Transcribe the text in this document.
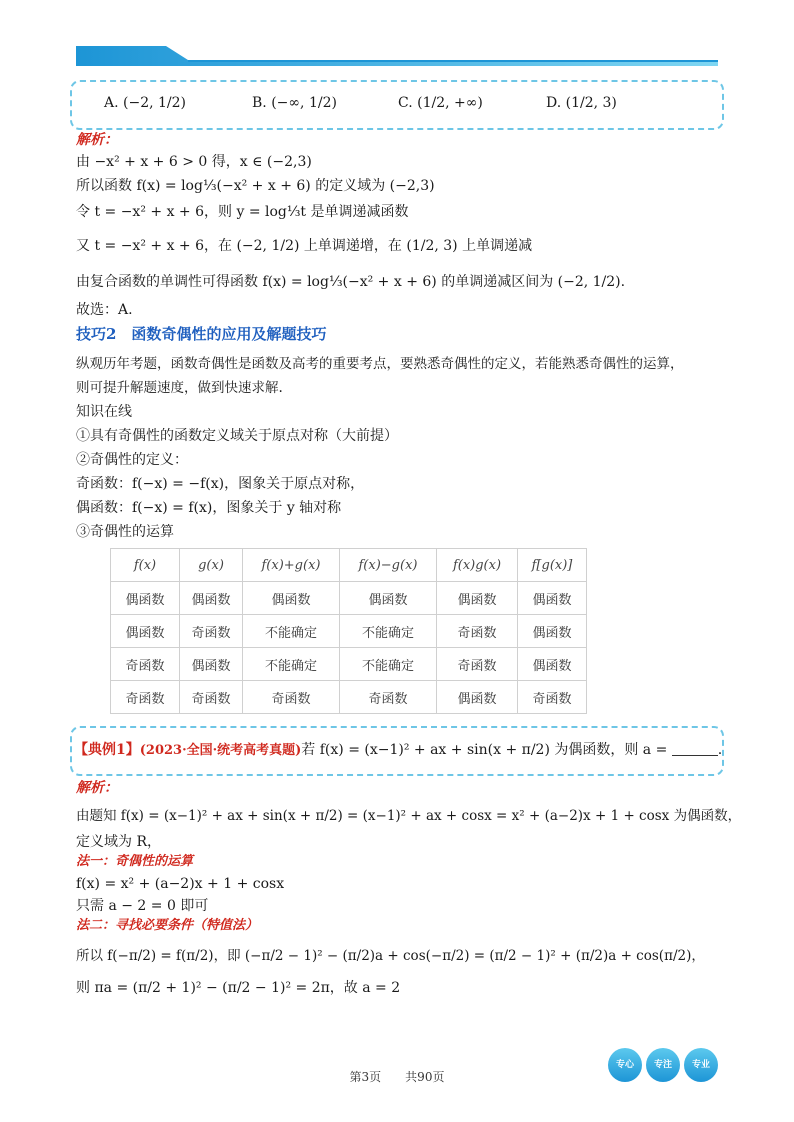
A. (−2, 1/2)	B. (−∞, 1/2)	C. (1/2, +∞)	D. (1/2, 3)
解析：
由 −x² + x + 6 > 0 得，x ∈ (−2,3)
所以函数 f(x) = log⅓(−x² + x + 6) 的定义域为 (−2,3)
令 t = −x² + x + 6，则 y = log⅓t 是单调递减函数
又 t = −x² + x + 6，在 (−2, 1/2) 上单调递增，在 (1/2, 3) 上单调递减
由复合函数的单调性可得函数 f(x) = log⅓(−x² + x + 6) 的单调递减区间为 (−2, 1/2).
故选：A.
技巧2　函数奇偶性的应用及解题技巧
纵观历年考题，函数奇偶性是函数及高考的重要考点，要熟悉奇偶性的定义，若能熟悉奇偶性的运算，
则可提升解题速度，做到快速求解.
知识在线
①具有奇偶性的函数定义域关于原点对称（大前提）
②奇偶性的定义：
奇函数：f(−x) = −f(x)，图象关于原点对称，
偶函数：f(−x) = f(x)，图象关于 y 轴对称
③奇偶性的运算
f(x)	g(x)	f(x)+g(x)	f(x)−g(x)	f(x)g(x)	f[g(x)]
偶函数	偶函数	偶函数	偶函数	偶函数	偶函数
偶函数	奇函数	不能确定	不能确定	奇函数	偶函数
奇函数	偶函数	不能确定	不能确定	奇函数	偶函数
奇函数	奇函数	奇函数	奇函数	偶函数	奇函数
【典例1】(2023·全国·统考高考真题)若 f(x) = (x−1)² + ax + sin(x + π/2) 为偶函数，则 a =	.
解析：
由题知 f(x) = (x−1)² + ax + sin(x + π/2) = (x−1)² + ax + cosx = x² + (a−2)x + 1 + cosx 为偶函数，
定义域为 R，
法一：奇偶性的运算
f(x) = x² + (a−2)x + 1 + cosx
只需 a − 2 = 0 即可
法二：寻找必要条件（特值法）
所以 f(−π/2) = f(π/2)，即 (−π/2 − 1)² − (π/2)a + cos(−π/2) = (π/2 − 1)² + (π/2)a + cos(π/2)，
则 πa = (π/2 + 1)² − (π/2 − 1)² = 2π，故 a = 2
第3页　　共90页
专心	专注	专业
